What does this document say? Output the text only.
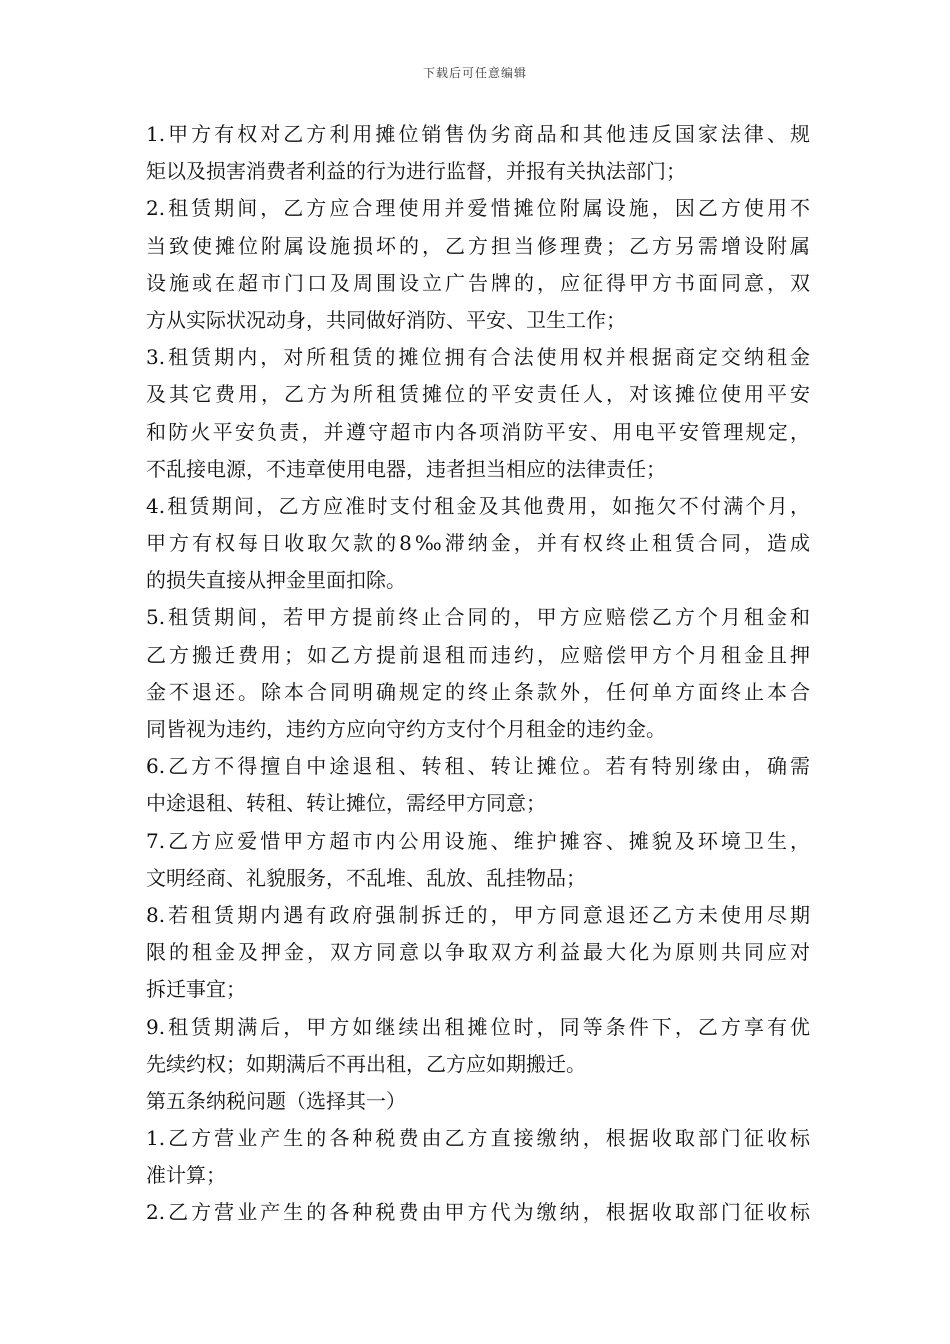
下载后可任意编辑
1.甲方有权对乙方利用摊位销售伪劣商品和其他违反国家法律、规
矩以及损害消费者利益的行为进行监督，并报有关执法部门；
2.租赁期间，乙方应合理使用并爱惜摊位附属设施，因乙方使用不
当致使摊位附属设施损坏的，乙方担当修理费；乙方另需增设附属
设施或在超市门口及周围设立广告牌的，应征得甲方书面同意，双
方从实际状况动身，共同做好消防、平安、卫生工作；
3.租赁期内，对所租赁的摊位拥有合法使用权并根据商定交纳租金
及其它费用，乙方为所租赁摊位的平安责任人，对该摊位使用平安
和防火平安负责，并遵守超市内各项消防平安、用电平安管理规定，
不乱接电源，不违章使用电器，违者担当相应的法律责任；
4.租赁期间，乙方应准时支付租金及其他费用，如拖欠不付满个月，
甲方有权每日收取欠款的8‰滞纳金，并有权终止租赁合同，造成
的损失直接从押金里面扣除。
5.租赁期间，若甲方提前终止合同的，甲方应赔偿乙方个月租金和
乙方搬迁费用；如乙方提前退租而违约，应赔偿甲方个月租金且押
金不退还。除本合同明确规定的终止条款外，任何单方面终止本合
同皆视为违约，违约方应向守约方支付个月租金的违约金。
6.乙方不得擅自中途退租、转租、转让摊位。若有特别缘由，确需
中途退租、转租、转让摊位，需经甲方同意；
7.乙方应爱惜甲方超市内公用设施、维护摊容、摊貌及环境卫生，
文明经商、礼貌服务，不乱堆、乱放、乱挂物品；
8.若租赁期内遇有政府强制拆迁的，甲方同意退还乙方未使用尽期
限的租金及押金，双方同意以争取双方利益最大化为原则共同应对
拆迁事宜；
9.租赁期满后，甲方如继续出租摊位时，同等条件下，乙方享有优
先续约权；如期满后不再出租，乙方应如期搬迁。
第五条纳税问题（选择其一）
1.乙方营业产生的各种税费由乙方直接缴纳，根据收取部门征收标
准计算；
2.乙方营业产生的各种税费由甲方代为缴纳，根据收取部门征收标
